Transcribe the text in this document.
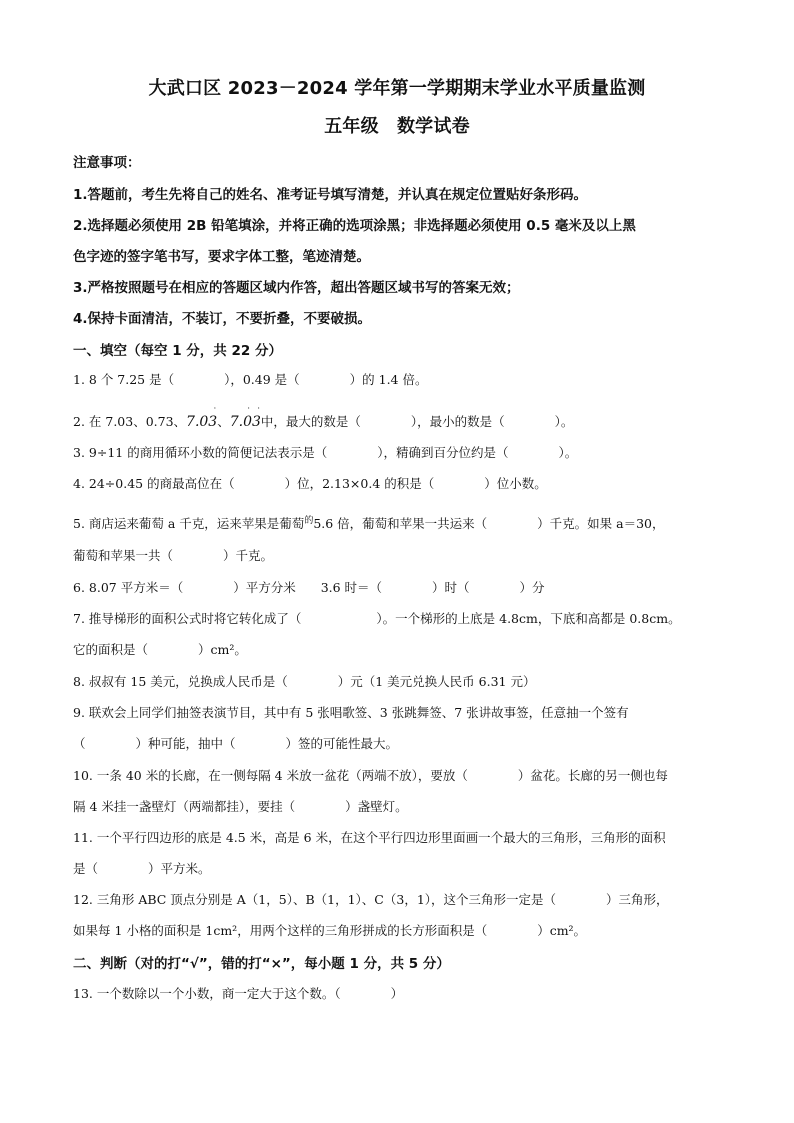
大武口区 2023－2024 学年第一学期期末学业水平质量监测
五年级　数学试卷
注意事项：
1.答题前，考生先将自己的姓名、准考证号填写清楚，并认真在规定位置贴好条形码。
2.选择题必须使用 2B 铅笔填涂，并将正确的选项涂黑；非选择题必须使用 0.5 毫米及以上黑
色字迹的签字笔书写，要求字体工整，笔迹清楚。
3.严格按照题号在相应的答题区域内作答，超出答题区域书写的答案无效；
4.保持卡面清洁，不装订，不要折叠，不要破损。
一、填空（每空 1 分，共 22 分）
1. 8 个 7.25 是（　　　　），0.49 是（　　　　）的 1.4 倍。
2. 在 7.03、0.73、7.03
·
、7.03
· ·
中，最大的数是（　　　　），最小的数是（　　　　）。
3. 9÷11 的商用循环小数的简便记法表示是（　　　　），精确到百分位约是（　　　　）。
4. 24÷0.45 的商最高位在（　　　　）位，2.13×0.4 的积是（　　　　）位小数。
5. 商店运来葡萄 a 千克，运来苹果是葡萄$^的$5.6 倍，葡萄和苹果一共运来（　　　　）千克。如果 a＝30，
葡萄和苹果一共（　　　　）千克。
6. 8.07 平方米＝（　　　　）平方分米　　3.6 时＝（　　　　）时（　　　　）分
7. 推导梯形的面积公式时将它转化成了（　　　　　　）。一个梯形的上底是 4.8cm，下底和高都是 0.8cm。
它的面积是（　　　　）cm²。
8. 叔叔有 15 美元，兑换成人民币是（　　　　）元（1 美元兑换人民币 6.31 元）
9. 联欢会上同学们抽签表演节目，其中有 5 张唱歌签、3 张跳舞签、7 张讲故事签，任意抽一个签有
（　　　　）种可能，抽中（　　　　）签的可能性最大。
10. 一条 40 米的长廊，在一侧每隔 4 米放一盆花（两端不放），要放（　　　　）盆花。长廊的另一侧也每
隔 4 米挂一盏壁灯（两端都挂），要挂（　　　　）盏壁灯。
11. 一个平行四边形的底是 4.5 米，高是 6 米，在这个平行四边形里面画一个最大的三角形，三角形的面积
是（　　　　）平方米。
12. 三角形 ABC 顶点分别是 A（1，5）、B（1，1）、C（3，1），这个三角形一定是（　　　　）三角形，
如果每 1 小格的面积是 1cm²，用两个这样的三角形拼成的长方形面积是（　　　　）cm²。
二、判断（对的打“√”，错的打“×”，每小题 1 分，共 5 分）
13. 一个数除以一个小数，商一定大于这个数。（　　　　）
